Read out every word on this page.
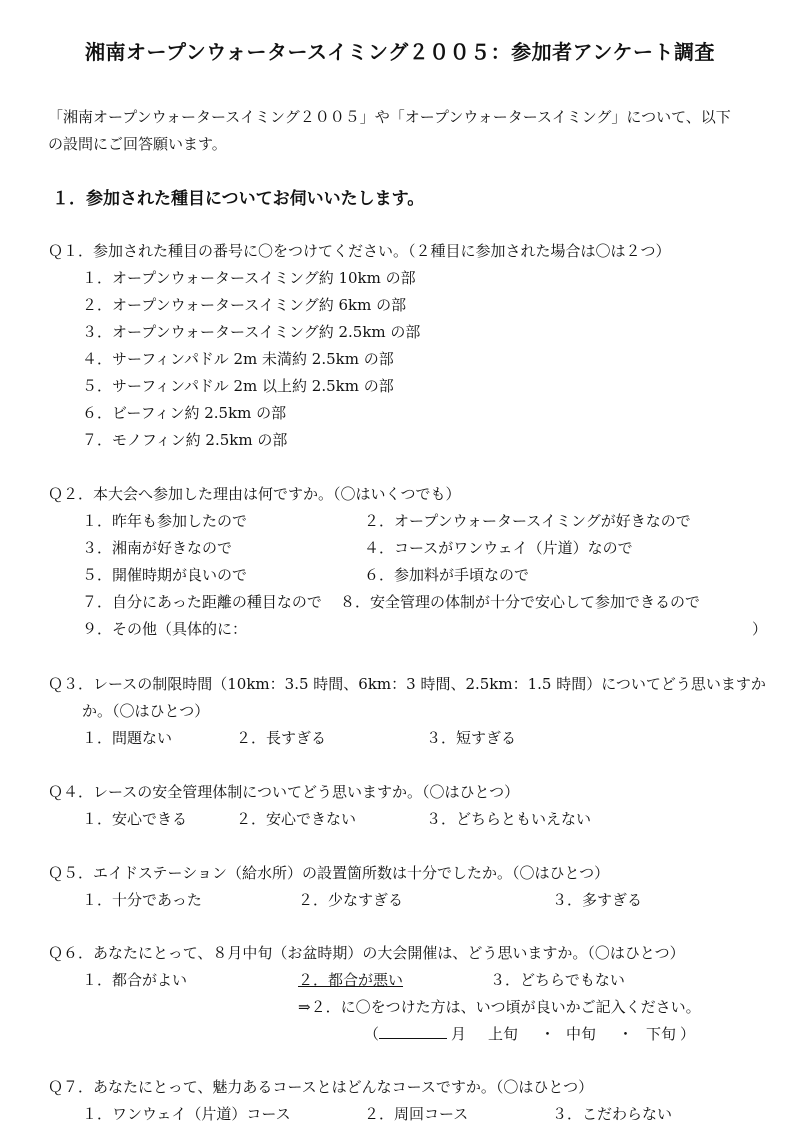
湘南オープンウォータースイミング２００５：参加者アンケート調査
「湘南オープンウォータースイミング２００５」や「オープンウォータースイミング」について、以下
の設問にご回答願います。
１．参加された種目についてお伺いいたします。
Ｑ１．参加された種目の番号に〇をつけてください。（２種目に参加された場合は〇は２つ）
１．オープンウォータースイミング約 10km の部
２．オープンウォータースイミング約 6km の部
３．オープンウォータースイミング約 2.5km の部
４．サーフィンパドル 2m 未満約 2.5km の部
５．サーフィンパドル 2m 以上約 2.5km の部
６．ビーフィン約 2.5km の部
７．モノフィン約 2.5km の部
Ｑ２．本大会へ参加した理由は何ですか。（〇はいくつでも）
１．昨年も参加したので	２．オープンウォータースイミングが好きなので
３．湘南が好きなので	４．コースがワンウェイ（片道）なので
５．開催時期が良いので	６．参加料が手頃なので
７．自分にあった距離の種目なので ８．安全管理の体制が十分で安心して参加できるので
９．その他（具体的に：	）
Ｑ３．レースの制限時間（10km：3.5 時間、6km：3 時間、2.5km：1.5 時間）についてどう思いますか
か。（〇はひとつ）
１．問題ない	２．長すぎる	３．短すぎる
Ｑ４．レースの安全管理体制についてどう思いますか。（〇はひとつ）
１．安心できる	２．安心できない	３．どちらともいえない
Ｑ５．エイドステーション（給水所）の設置箇所数は十分でしたか。（〇はひとつ）
１．十分であった	２．少なすぎる	３．多すぎる
Ｑ６．あなたにとって、８月中旬（お盆時期）の大会開催は、どう思いますか。（〇はひとつ）
１．都合がよい	２．都合が悪い	３．どちらでもない
⇒２．に〇をつけた方は、いつ頃が良いかご記入ください。
（	月 上旬 ・ 中旬 ・ 下旬 ）
Ｑ７．あなたにとって、魅力あるコースとはどんなコースですか。（〇はひとつ）
１．ワンウェイ（片道）コース	２．周回コース	３．こだわらない
